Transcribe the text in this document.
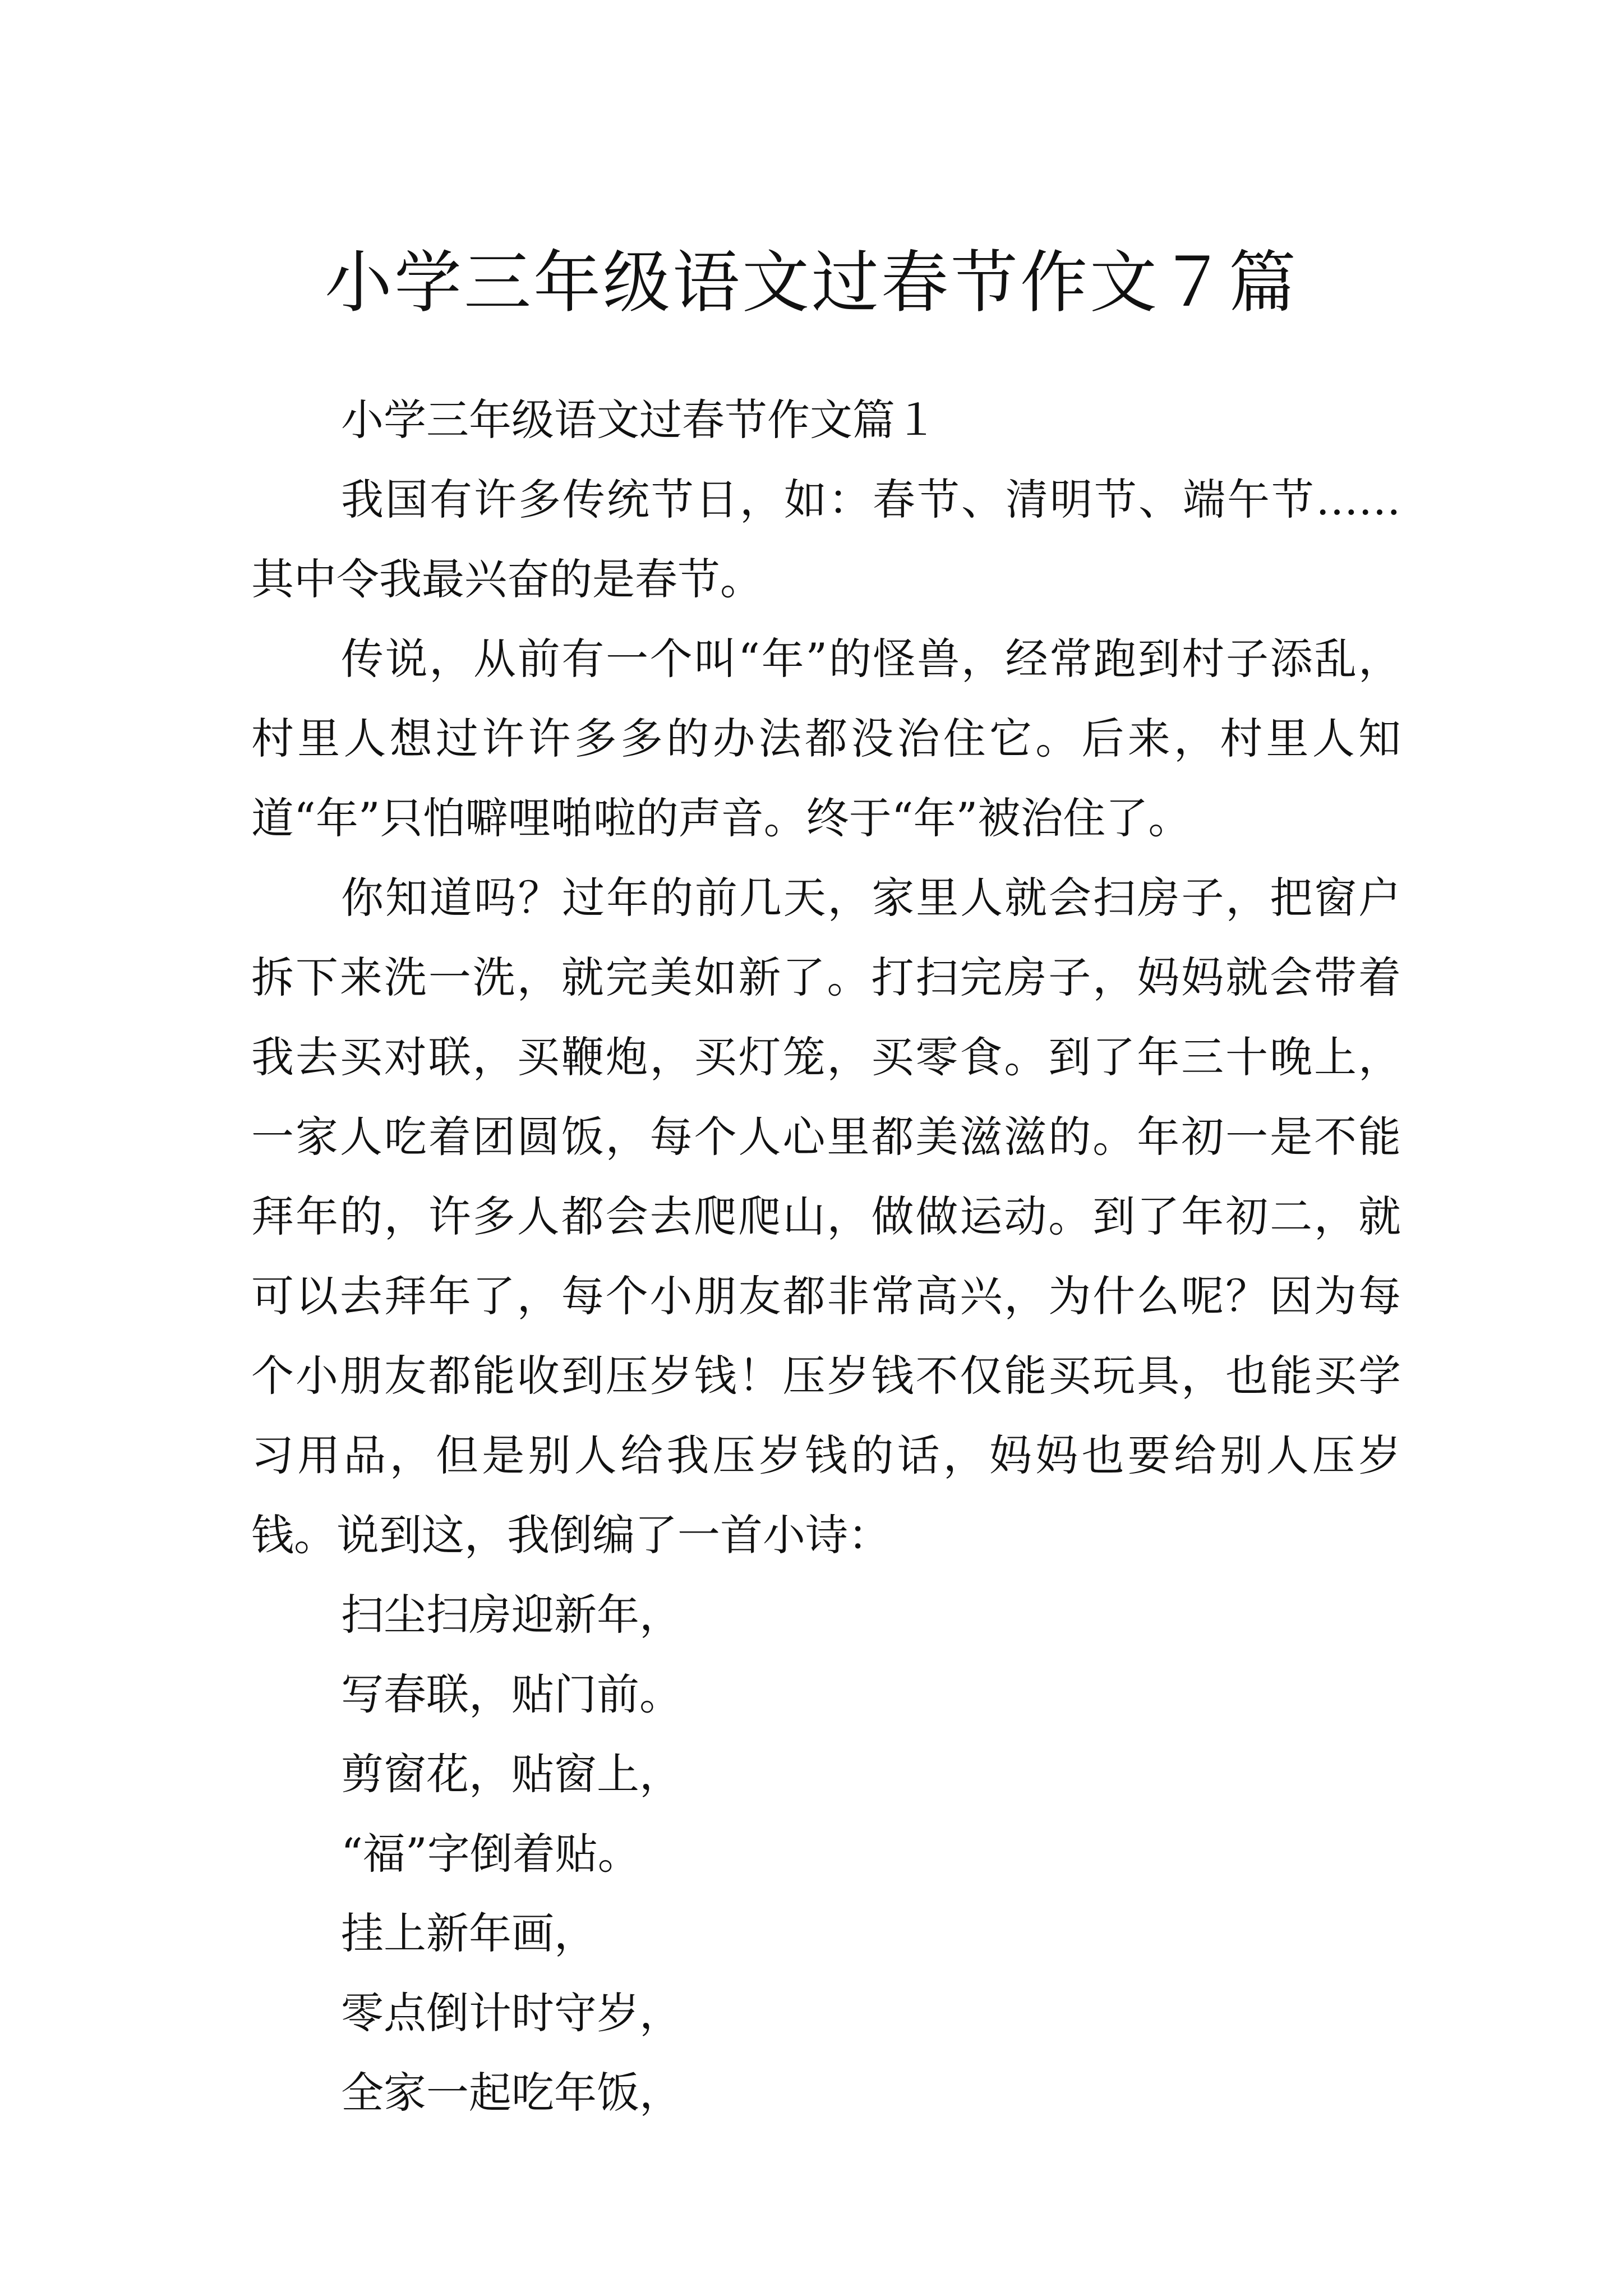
小学三年级语文过春节作文７篇

小学三年级语文过春节作文篇１

我国有许多传统节日，如：春节、清明节、端午节……其中令我最兴奋的是春节。

传说，从前有一个叫“年”的怪兽，经常跑到村子添乱，村里人想过许许多多的办法都没治住它。后来，村里人知道“年”只怕噼哩啪啦的声音。终于“年”被治住了。

你知道吗？过年的前几天，家里人就会扫房子，把窗户拆下来洗一洗，就完美如新了。打扫完房子，妈妈就会带着我去买对联，买鞭炮，买灯笼，买零食。到了年三十晚上，一家人吃着团圆饭，每个人心里都美滋滋的。年初一是不能拜年的，许多人都会去爬爬山，做做运动。到了年初二，就可以去拜年了，每个小朋友都非常高兴，为什么呢？因为每个小朋友都能收到压岁钱！压岁钱不仅能买玩具，也能买学习用品，但是别人给我压岁钱的话，妈妈也要给别人压岁钱。说到这，我倒编了一首小诗：

扫尘扫房迎新年，

写春联，贴门前。

剪窗花，贴窗上，

“福”字倒着贴。

挂上新年画，

零点倒计时守岁，

全家一起吃年饭，
